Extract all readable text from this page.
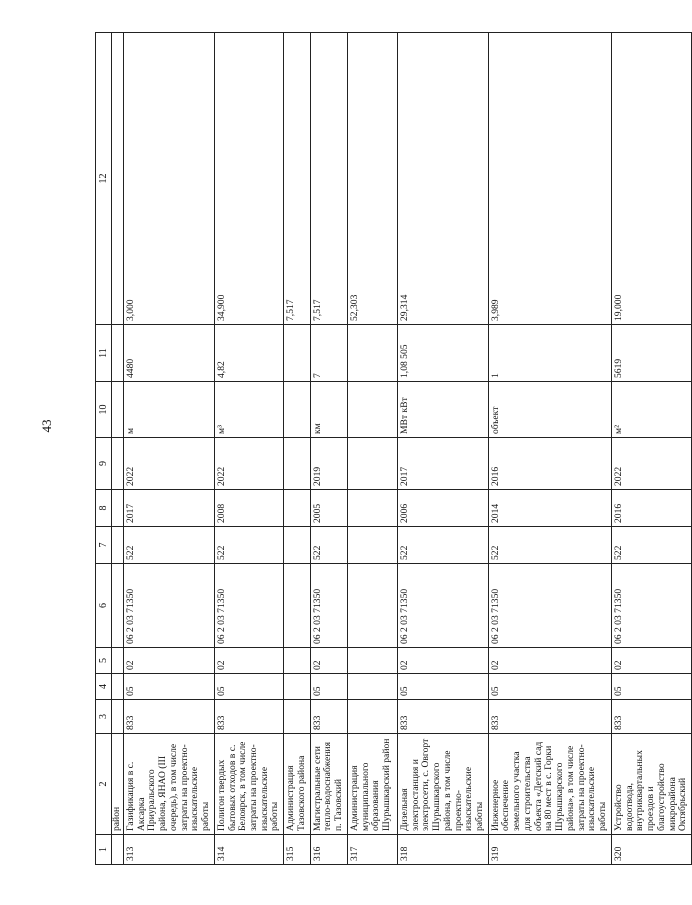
43
1	2	3	4	5	6	7	8	9	10	11	12
	район										
313	Газификация в с. Аксарка Приуральского района, ЯНАО (III очередь), в том числе затраты на проектно-изыскательские работы	833	05	02	06 2 03 71350	522	2017	2022	м	4480	3,000
314	Полигон твердых бытовых отходов в с. Белоярск, в том числе затраты на проектно-изыскательские работы	833	05	02	06 2 03 71350	522	2008	2022	м³	4,82	34,900
315	Администрация Тазовского района										7,517
316	Магистральные сети тепло-водоснабжения п. Тазовский	833	05	02	06 2 03 71350	522	2005	2019	км	7	7,517
317	Администрация муниципального образования Шурышкарский район										52,303
318	Дизельная электростанция и электросети, с. Овгорт Шурышкарского района, в том числе проектно-изыскательские работы	833	05	02	06 2 03 71350	522	2006	2017	МВт кВт	1,08 505	29,314
319	Инженерное обеспечение земельного участка для строительства объекта «Детский сад на 80 мест в с. Горки Шурышкарского района», в том числе затраты на проектно-изыскательские работы	833	05	02	06 2 03 71350	522	2014	2016	объект	1	3,989
320	Устройство водоотвода, внутриквартальных проездов и благоустройство микрорайона Октябрьский	833	05	02	06 2 03 71350	522	2016	2022	м²	5619	19,000
